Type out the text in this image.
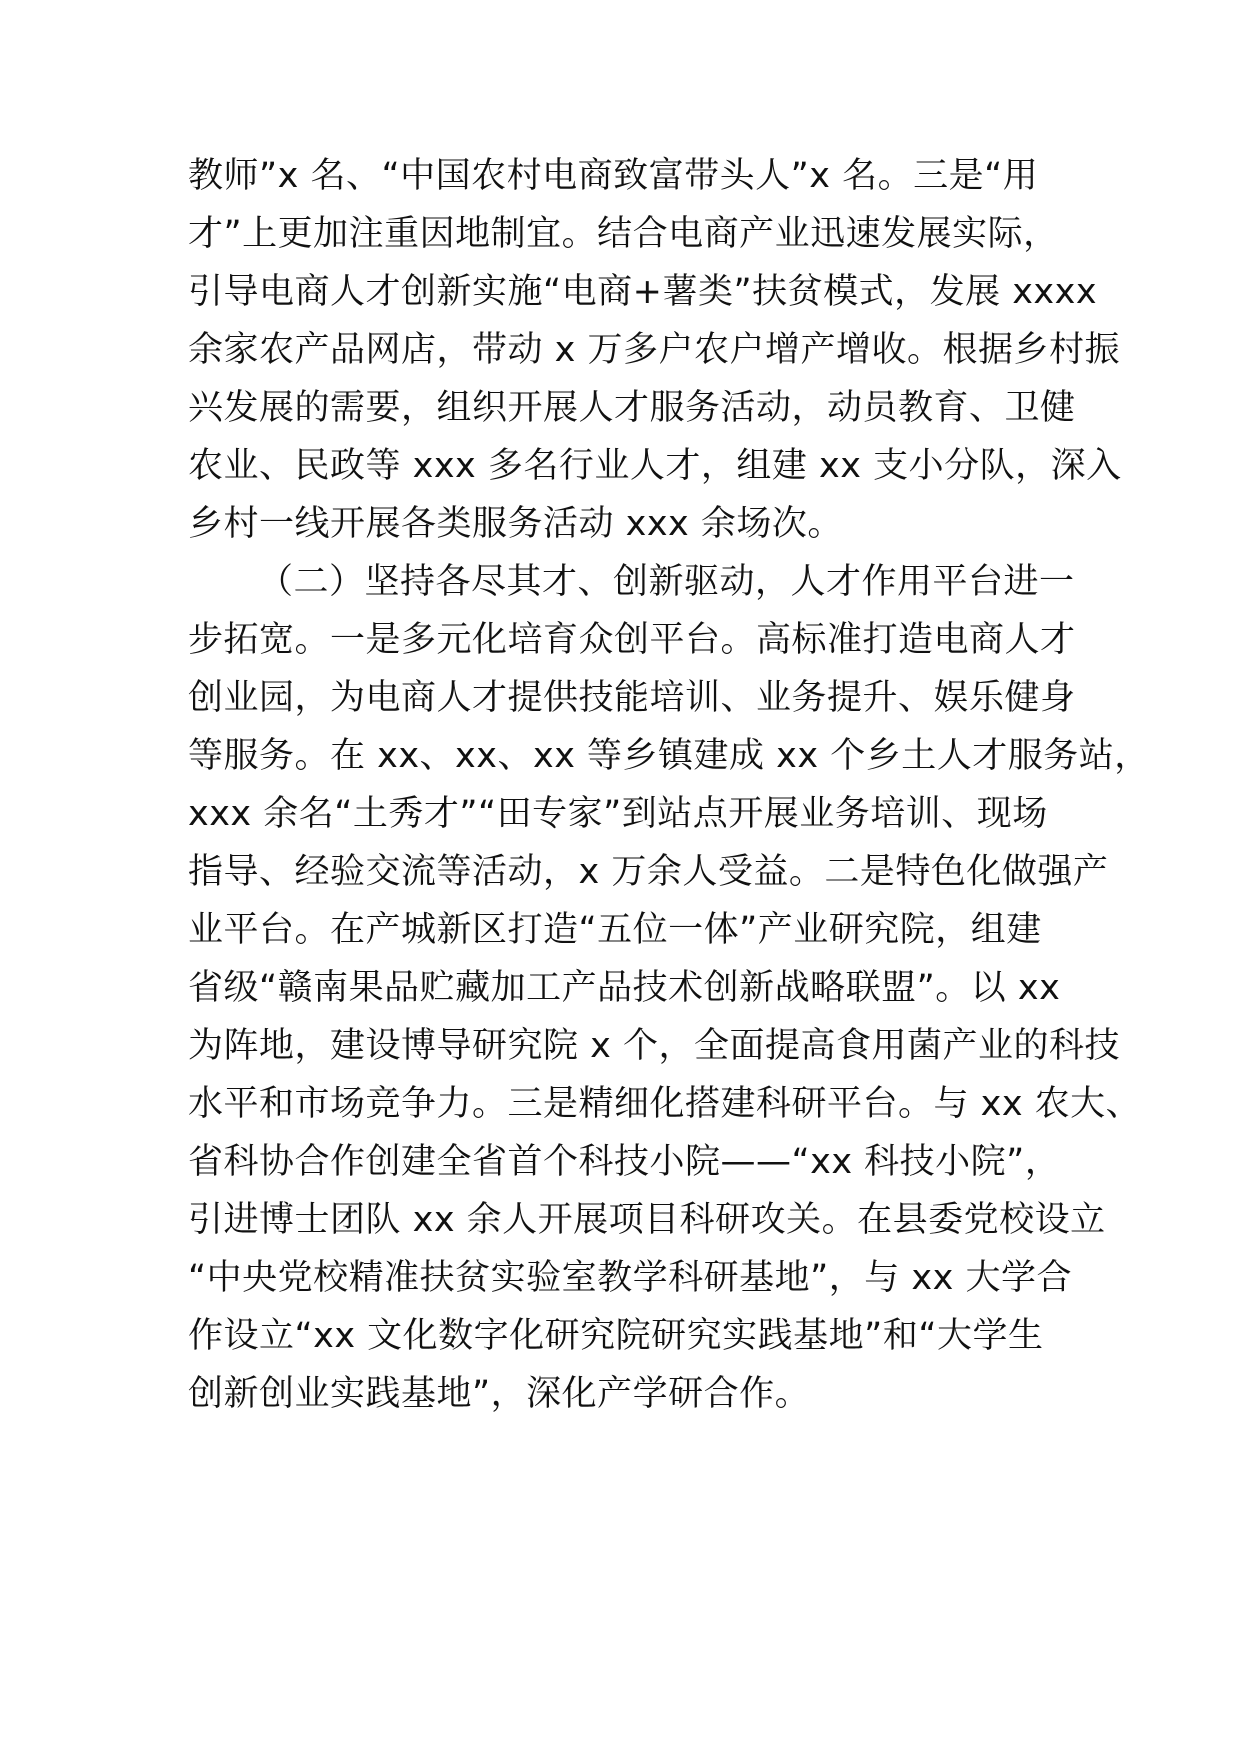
教师”x 名、“中国农村电商致富带头人”x 名。三是“用
才”上更加注重因地制宜。结合电商产业迅速发展实际，
引导电商人才创新实施“电商+薯类”扶贫模式，发展 xxxx
余家农产品网店，带动 x 万多户农户增产增收。根据乡村振
兴发展的需要，组织开展人才服务活动，动员教育、卫健
农业、民政等 xxx 多名行业人才，组建 xx 支小分队，深入
乡村一线开展各类服务活动 xxx 余场次。
（二）坚持各尽其才、创新驱动，人才作用平台进一
步拓宽。一是多元化培育众创平台。高标准打造电商人才
创业园，为电商人才提供技能培训、业务提升、娱乐健身
等服务。在 xx、xx、xx 等乡镇建成 xx 个乡土人才服务站，
xxx 余名“土秀才”“田专家”到站点开展业务培训、现场
指导、经验交流等活动，x 万余人受益。二是特色化做强产
业平台。在产城新区打造“五位一体”产业研究院，组建
省级“赣南果品贮藏加工产品技术创新战略联盟”。以 xx
为阵地，建设博导研究院 x 个，全面提高食用菌产业的科技
水平和市场竞争力。三是精细化搭建科研平台。与 xx 农大、
省科协合作创建全省首个科技小院——“xx 科技小院”，
引进博士团队 xx 余人开展项目科研攻关。在县委党校设立
“中央党校精准扶贫实验室教学科研基地”，与 xx 大学合
作设立“xx 文化数字化研究院研究实践基地”和“大学生
创新创业实践基地”，深化产学研合作。
